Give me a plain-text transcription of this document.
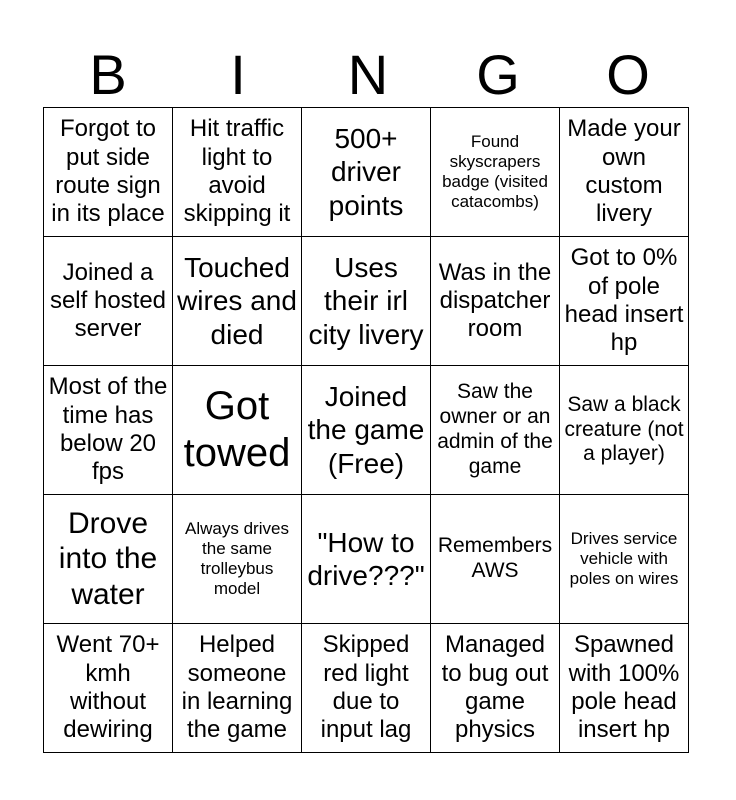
B	I	N	G	O
Forgot to put side route sign in its place	Hit traffic light to avoid skipping it	500+ driver points	Found skyscrapers badge (visited catacombs)	Made your own custom livery
Joined a self hosted server	Touched wires and died	Uses their irl city livery	Was in the dispatcher room	Got to 0% of pole head insert hp
Most of the time has below 20 fps	Got towed	Joined the game (Free)	Saw the owner or an admin of the game	Saw a black creature (not a player)
Drove into the water	Always drives the same trolleybus model	"How to drive???"	Remembers AWS	Drives service vehicle with poles on wires
Went 70+ kmh without dewiring	Helped someone in learning the game	Skipped red light due to input lag	Managed to bug out game physics	Spawned with 100% pole head insert hp
